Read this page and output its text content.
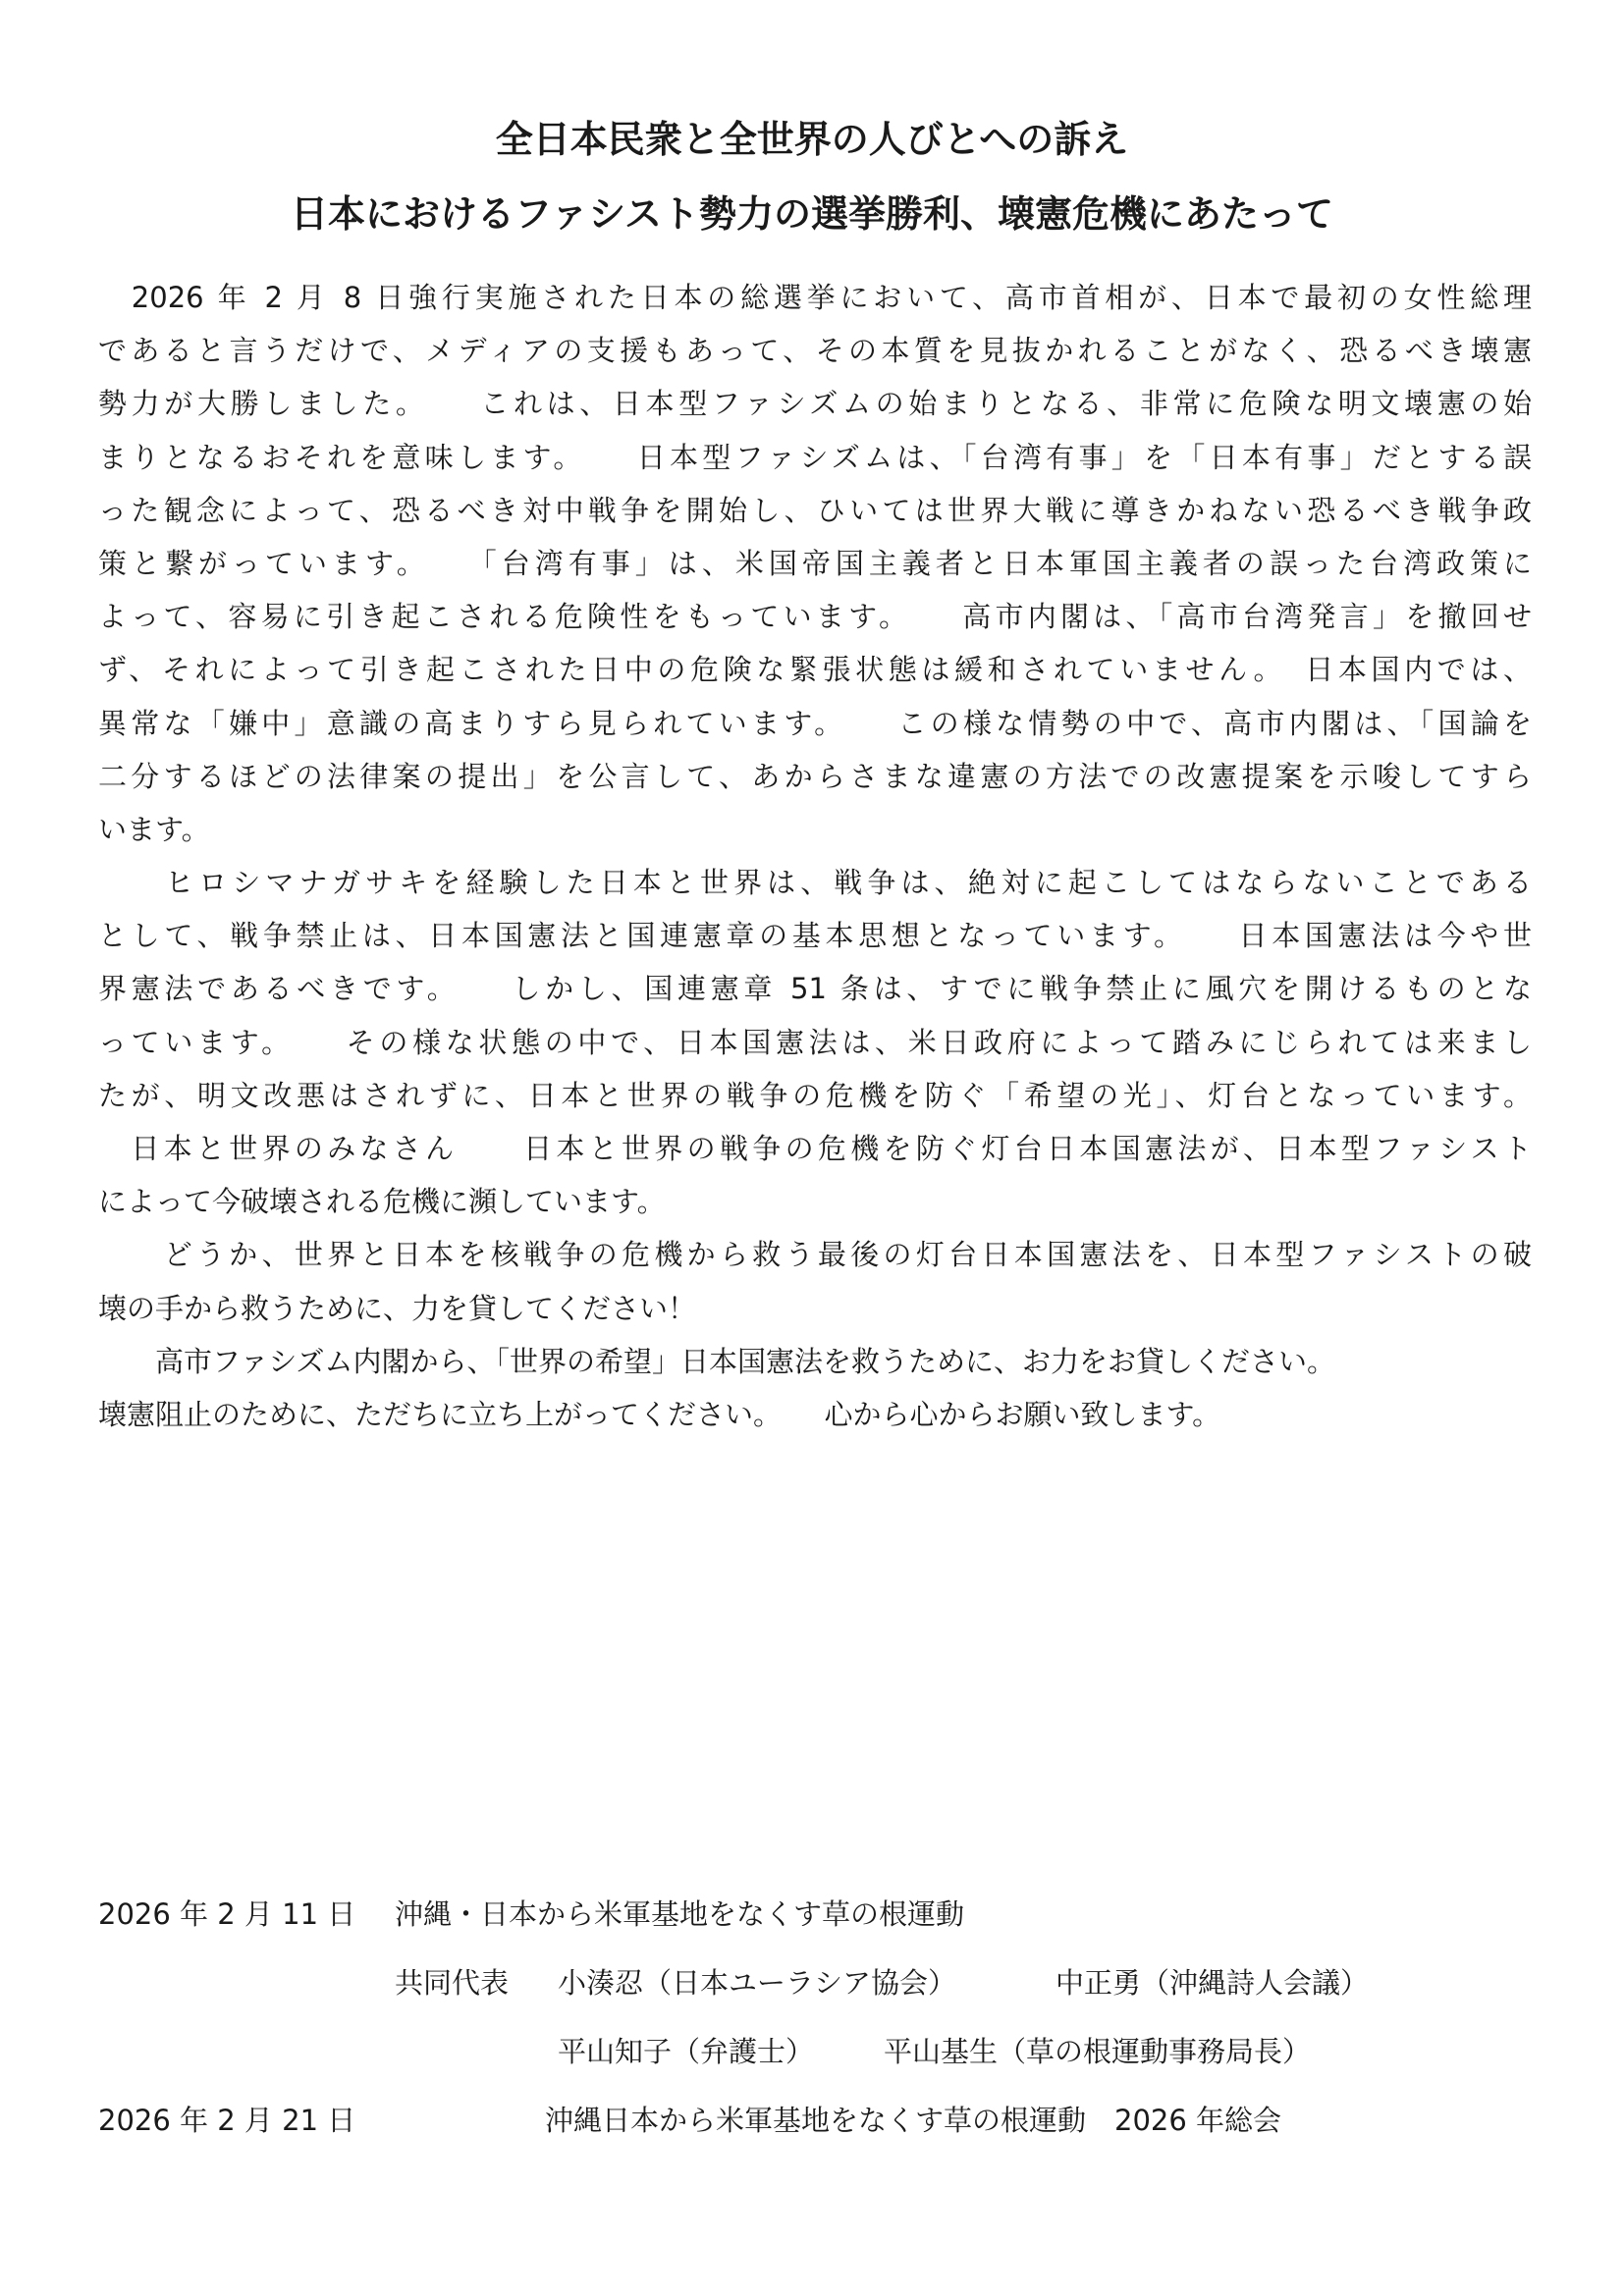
全日本民衆と全世界の人びとへの訴え
日本におけるファシスト勢力の選挙勝利、壊憲危機にあたって
　2026 年 2 月 8 日強行実施された日本の総選挙において、高市首相が、日本で最初の女性総理
であると言うだけで、メディアの支援もあって、その本質を見抜かれることがなく、恐るべき壊憲
勢力が大勝しました。　　これは、日本型ファシズムの始まりとなる、非常に危険な明文壊憲の始
まりとなるおそれを意味します。　　日本型ファシズムは、「台湾有事」を「日本有事」だとする誤
った観念によって、恐るべき対中戦争を開始し、ひいては世界大戦に導きかねない恐るべき戦争政
策と繋がっています。　　「台湾有事」は、米国帝国主義者と日本軍国主義者の誤った台湾政策に
よって、容易に引き起こされる危険性をもっています。　　高市内閣は、「高市台湾発言」を撤回せ
ず、それによって引き起こされた日中の危険な緊張状態は緩和されていません。　日本国内では、
異常な「嫌中」意識の高まりすら見られています。　　この様な情勢の中で、高市内閣は、「国論を
二分するほどの法律案の提出」を公言して、あからさまな違憲の方法での改憲提案を示唆してすら
います。
　　ヒロシマナガサキを経験した日本と世界は、戦争は、絶対に起こしてはならないことである
として、戦争禁止は、日本国憲法と国連憲章の基本思想となっています。　　日本国憲法は今や世
界憲法であるべきです。　　しかし、国連憲章 51 条は、すでに戦争禁止に風穴を開けるものとな
っています。　　その様な状態の中で、日本国憲法は、米日政府によって踏みにじられては来まし
たが、明文改悪はされずに、日本と世界の戦争の危機を防ぐ「希望の光」、灯台となっています。
　日本と世界のみなさん　　日本と世界の戦争の危機を防ぐ灯台日本国憲法が、日本型ファシスト
によって今破壊される危機に瀕しています。
　　どうか、世界と日本を核戦争の危機から救う最後の灯台日本国憲法を、日本型ファシストの破
壊の手から救うために、力を貸してください！
　　高市ファシズム内閣から、「世界の希望」日本国憲法を救うために、お力をお貸しください。
壊憲阻止のために、ただちに立ち上がってください。　　心から心からお願い致します。
2026 年 2 月 11 日 沖縄・日本から米軍基地をなくす草の根運動
共同代表 小湊忍（日本ユーラシア協会）	中正勇（沖縄詩人会議）
平山知子（弁護士） 平山基生（草の根運動事務局長）
2026 年 2 月 21 日	沖縄日本から米軍基地をなくす草の根運動　2026 年総会
